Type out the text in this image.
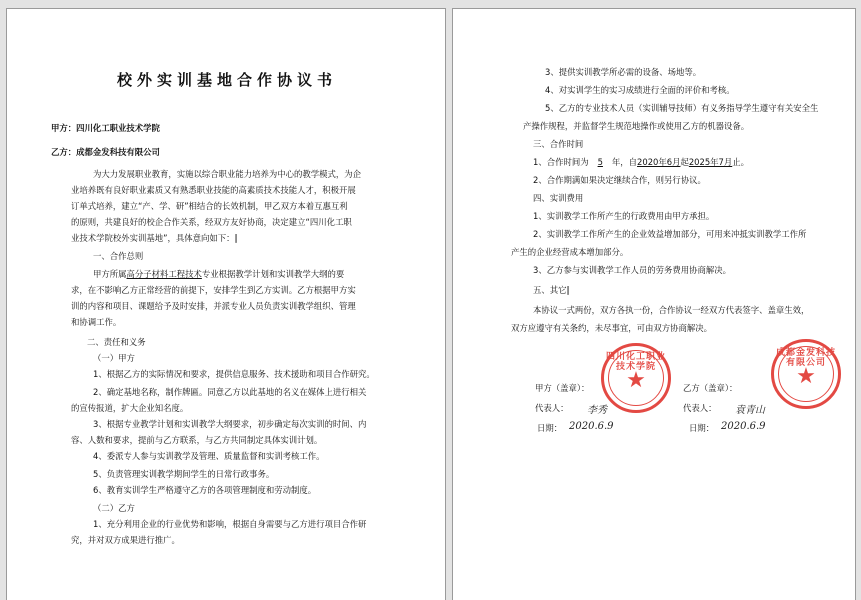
校外实训基地合作协议书
甲方：四川化工职业技术学院
乙方：成都金发科技有限公司
为大力发展职业教育，实施以综合职业能力培养为中心的教学模式，为企
业培养既有良好职业素质又有熟悉职业技能的高素质技术技能人才，积极开展
订单式培养，建立“产、学、研”相结合的长效机制，甲乙双方本着互惠互利
的原则，共建良好的校企合作关系，经双方友好协商，决定建立“四川化工职
业技术学院校外实训基地”，具体意向如下：|
一、合作总则
甲方所属高分子材料工程技术专业根据教学计划和实训教学大纲的要
求，在不影响乙方正常经营的前提下，安排学生到乙方实训。乙方根据甲方实
训的内容和项目、课题给予及时安排，并派专业人员负责实训教学组织、管理
和协调工作。
二、责任和义务
（一）甲方
1、根据乙方的实际情况和要求，提供信息服务、技术援助和项目合作研究。
2、确定基地名称，制作牌匾。同意乙方以此基地的名义在媒体上进行相关
的宣传报道，扩大企业知名度。
3、根据专业教学计划和实训教学大纲要求，初步确定每次实训的时间、内
容、人数和要求，提前与乙方联系，与乙方共同制定具体实训计划。
4、委派专人参与实训教学及管理、质量监督和实训考核工作。
5、负责管理实训教学期间学生的日常行政事务。
6、教育实训学生严格遵守乙方的各项管理制度和劳动制度。
（二）乙方
1、充分利用企业的行业优势和影响，根据自身需要与乙方进行项目合作研
究，并对双方成果进行推广。
3、提供实训教学所必需的设备、场地等。
4、对实训学生的实习成绩进行全面的评价和考核。
5、乙方的专业技术人员（实训辅导技师）有义务指导学生遵守有关安全生
产操作规程，并监督学生规范地操作或使用乙方的机器设备。
三、合作时间
1、合作时间为 5 年，自2020年6月起2025年7月止。
2、合作期满如果决定继续合作，则另行协议。
四、实训费用
1、实训教学工作所产生的行政费用由甲方承担。
2、实训教学工作所产生的企业效益增加部分，可用来冲抵实训教学工作所
产生的企业经营成本增加部分。
3、乙方参与实训教学工作人员的劳务费用协商解决。
五、其它|
本协议一式两份，双方各执一份，合作协议一经双方代表签字、盖章生效，
双方应遵守有关条约，未尽事宜，可由双方协商解决。
甲方（盖章）：
代表人： 李秀
日期： 2020.6.9
乙方（盖章）：
代表人： 袁青山
日期： 2020.6.9
四川化工职业技术学院
★
成都金发科技有限公司
★
